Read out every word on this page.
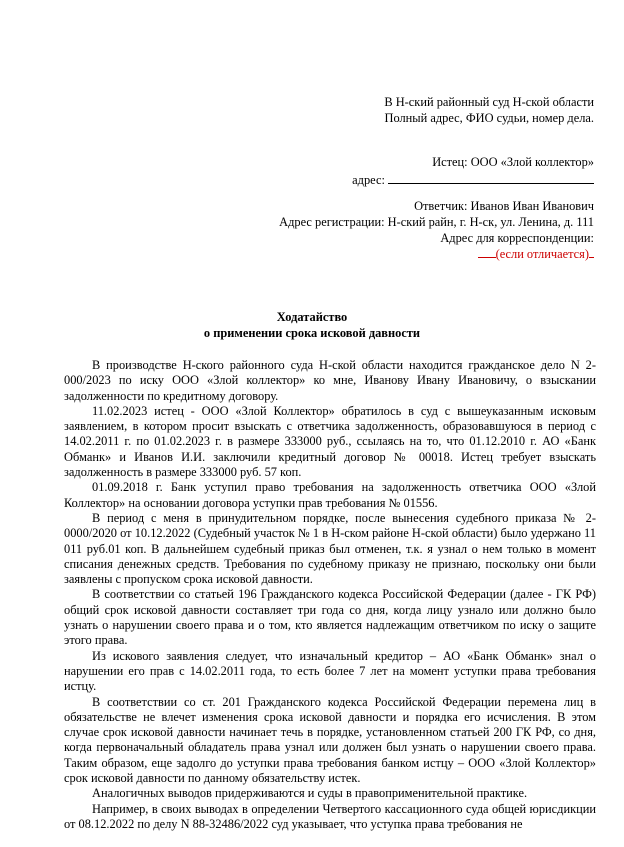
В Н-ский районный суд Н-ской области
Полный адрес, ФИО судьи, номер дела.
Истец: ООО «Злой коллектор»
адрес:
Ответчик: Иванов Иван Иванович
Адрес регистрации: Н-ский райн, г. Н-ск, ул. Ленина, д. 111
Адрес для корреспонденции:
(если отличается)
Ходатайство
о применении срока исковой давности

В производстве Н-ского районного суда Н-ской области находится гражданское дело N 2-000/2023 по иску ООО «Злой коллектор» ко мне, Иванову Ивану Ивановичу, о взыскании задолженности по кредитному договору.

11.02.2023 истец - ООО «Злой Коллектор» обратилось в суд с вышеуказанным исковым заявлением, в котором просит взыскать с ответчика задолженность, образовавшуюся в период с 14.02.2011 г. по 01.02.2023 г. в размере 333000 руб., ссылаясь на то, что 01.12.2010 г. АО «Банк Обманк» и Иванов И.И. заключили кредитный договор № 00018. Истец требует взыскать задолженность в размере 333000 руб. 57 коп.

01.09.2018 г. Банк уступил право требования на задолженность ответчика ООО «Злой Коллектор» на основании договора уступки прав требования № 01556.

В период с меня в принудительном порядке, после вынесения судебного приказа № 2-0000/2020 от 10.12.2022 (Судебный участок № 1 в Н-ском районе Н-ской области) было удержано 11 011 руб.01 коп. В дальнейшем судебный приказ был отменен, т.к. я узнал о нем только в момент списания денежных средств. Требования по судебному приказу не признаю, поскольку они были заявлены с пропуском срока исковой давности.

В соответствии со статьей 196 Гражданского кодекса Российской Федерации (далее - ГК РФ) общий срок исковой давности составляет три года со дня, когда лицу узнало или должно было узнать о нарушении своего права и о том, кто является надлежащим ответчиком по иску о защите этого права.

Из искового заявления следует, что изначальный кредитор – АО «Банк Обманк» знал о нарушении его прав с 14.02.2011 года, то есть более 7 лет на момент уступки права требования истцу.

В соответствии со ст. 201 Гражданского кодекса Российской Федерации перемена лиц в обязательстве не влечет изменения срока исковой давности и порядка его исчисления. В этом случае срок исковой давности начинает течь в порядке, установленном статьей 200 ГК РФ, со дня, когда первоначальный обладатель права узнал или должен был узнать о нарушении своего права. Таким образом, еще задолго до уступки права требования банком истцу – ООО «Злой Коллектор» срок исковой давности по данному обязательству истек.

Аналогичных выводов придерживаются и суды в правоприменительной практике.

Например, в своих выводах в определении Четвертого кассационного суда общей юрисдикции от 08.12.2022 по делу N 88-32486/2022 суд указывает, что уступка права требования не
